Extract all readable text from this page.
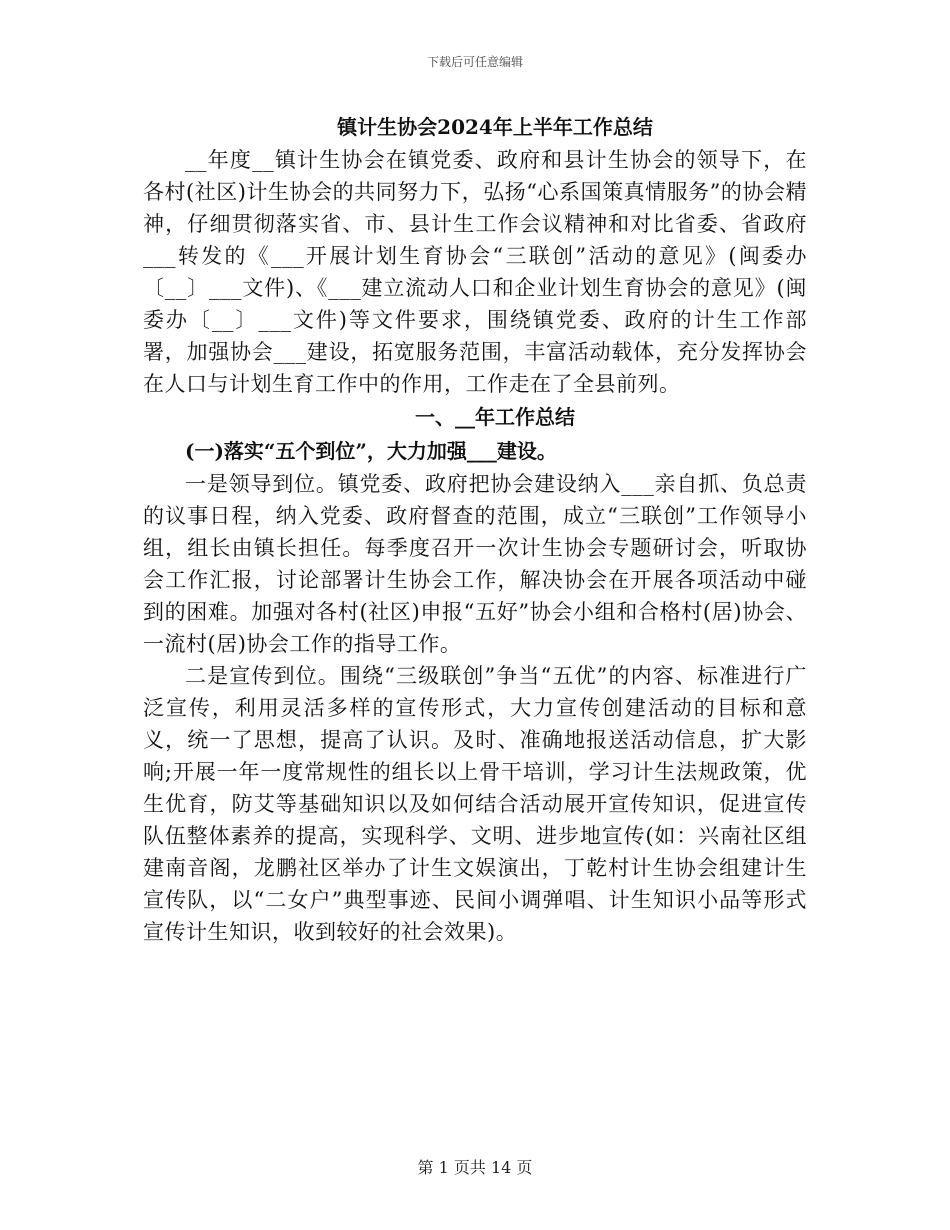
下载后可任意编辑

镇计生协会2024年上半年工作总结

__年度__镇计生协会在镇党委、政府和县计生协会的领导下，在各村(社区)计生协会的共同努力下，弘扬“心系国策真情服务”的协会精神，仔细贯彻落实省、市、县计生工作会议精神和对比省委、省政府___转发的《___开展计划生育协会“三联创”活动的意见》(闽委办〔__〕___文件)、《___建立流动人口和企业计划生育协会的意见》(闽委办〔__〕___文件)等文件要求，围绕镇党委、政府的计生工作部署，加强协会___建设，拓宽服务范围，丰富活动载体，充分发挥协会在人口与计划生育工作中的作用，工作走在了全县前列。

一、__年工作总结

(一)落实“五个到位”，大力加强___建设。

一是领导到位。镇党委、政府把协会建设纳入___亲自抓、负总责的议事日程，纳入党委、政府督查的范围，成立“三联创”工作领导小组，组长由镇长担任。每季度召开一次计生协会专题研讨会，听取协会工作汇报，讨论部署计生协会工作，解决协会在开展各项活动中碰到的困难。加强对各村(社区)申报“五好”协会小组和合格村(居)协会、一流村(居)协会工作的指导工作。

二是宣传到位。围绕“三级联创”争当“五优”的内容、标准进行广泛宣传，利用灵活多样的宣传形式，大力宣传创建活动的目标和意义，统一了思想，提高了认识。及时、准确地报送活动信息，扩大影响;开展一年一度常规性的组长以上骨干培训，学习计生法规政策，优生优育，防艾等基础知识以及如何结合活动展开宣传知识，促进宣传队伍整体素养的提高，实现科学、文明、进步地宣传(如：兴南社区组建南音阁，龙鹏社区举办了计生文娱演出，丁乾村计生协会组建计生宣传队，以“二女户”典型事迹、民间小调弹唱、计生知识小品等形式宣传计生知识，收到较好的社会效果)。

第 1 页共 14 页
